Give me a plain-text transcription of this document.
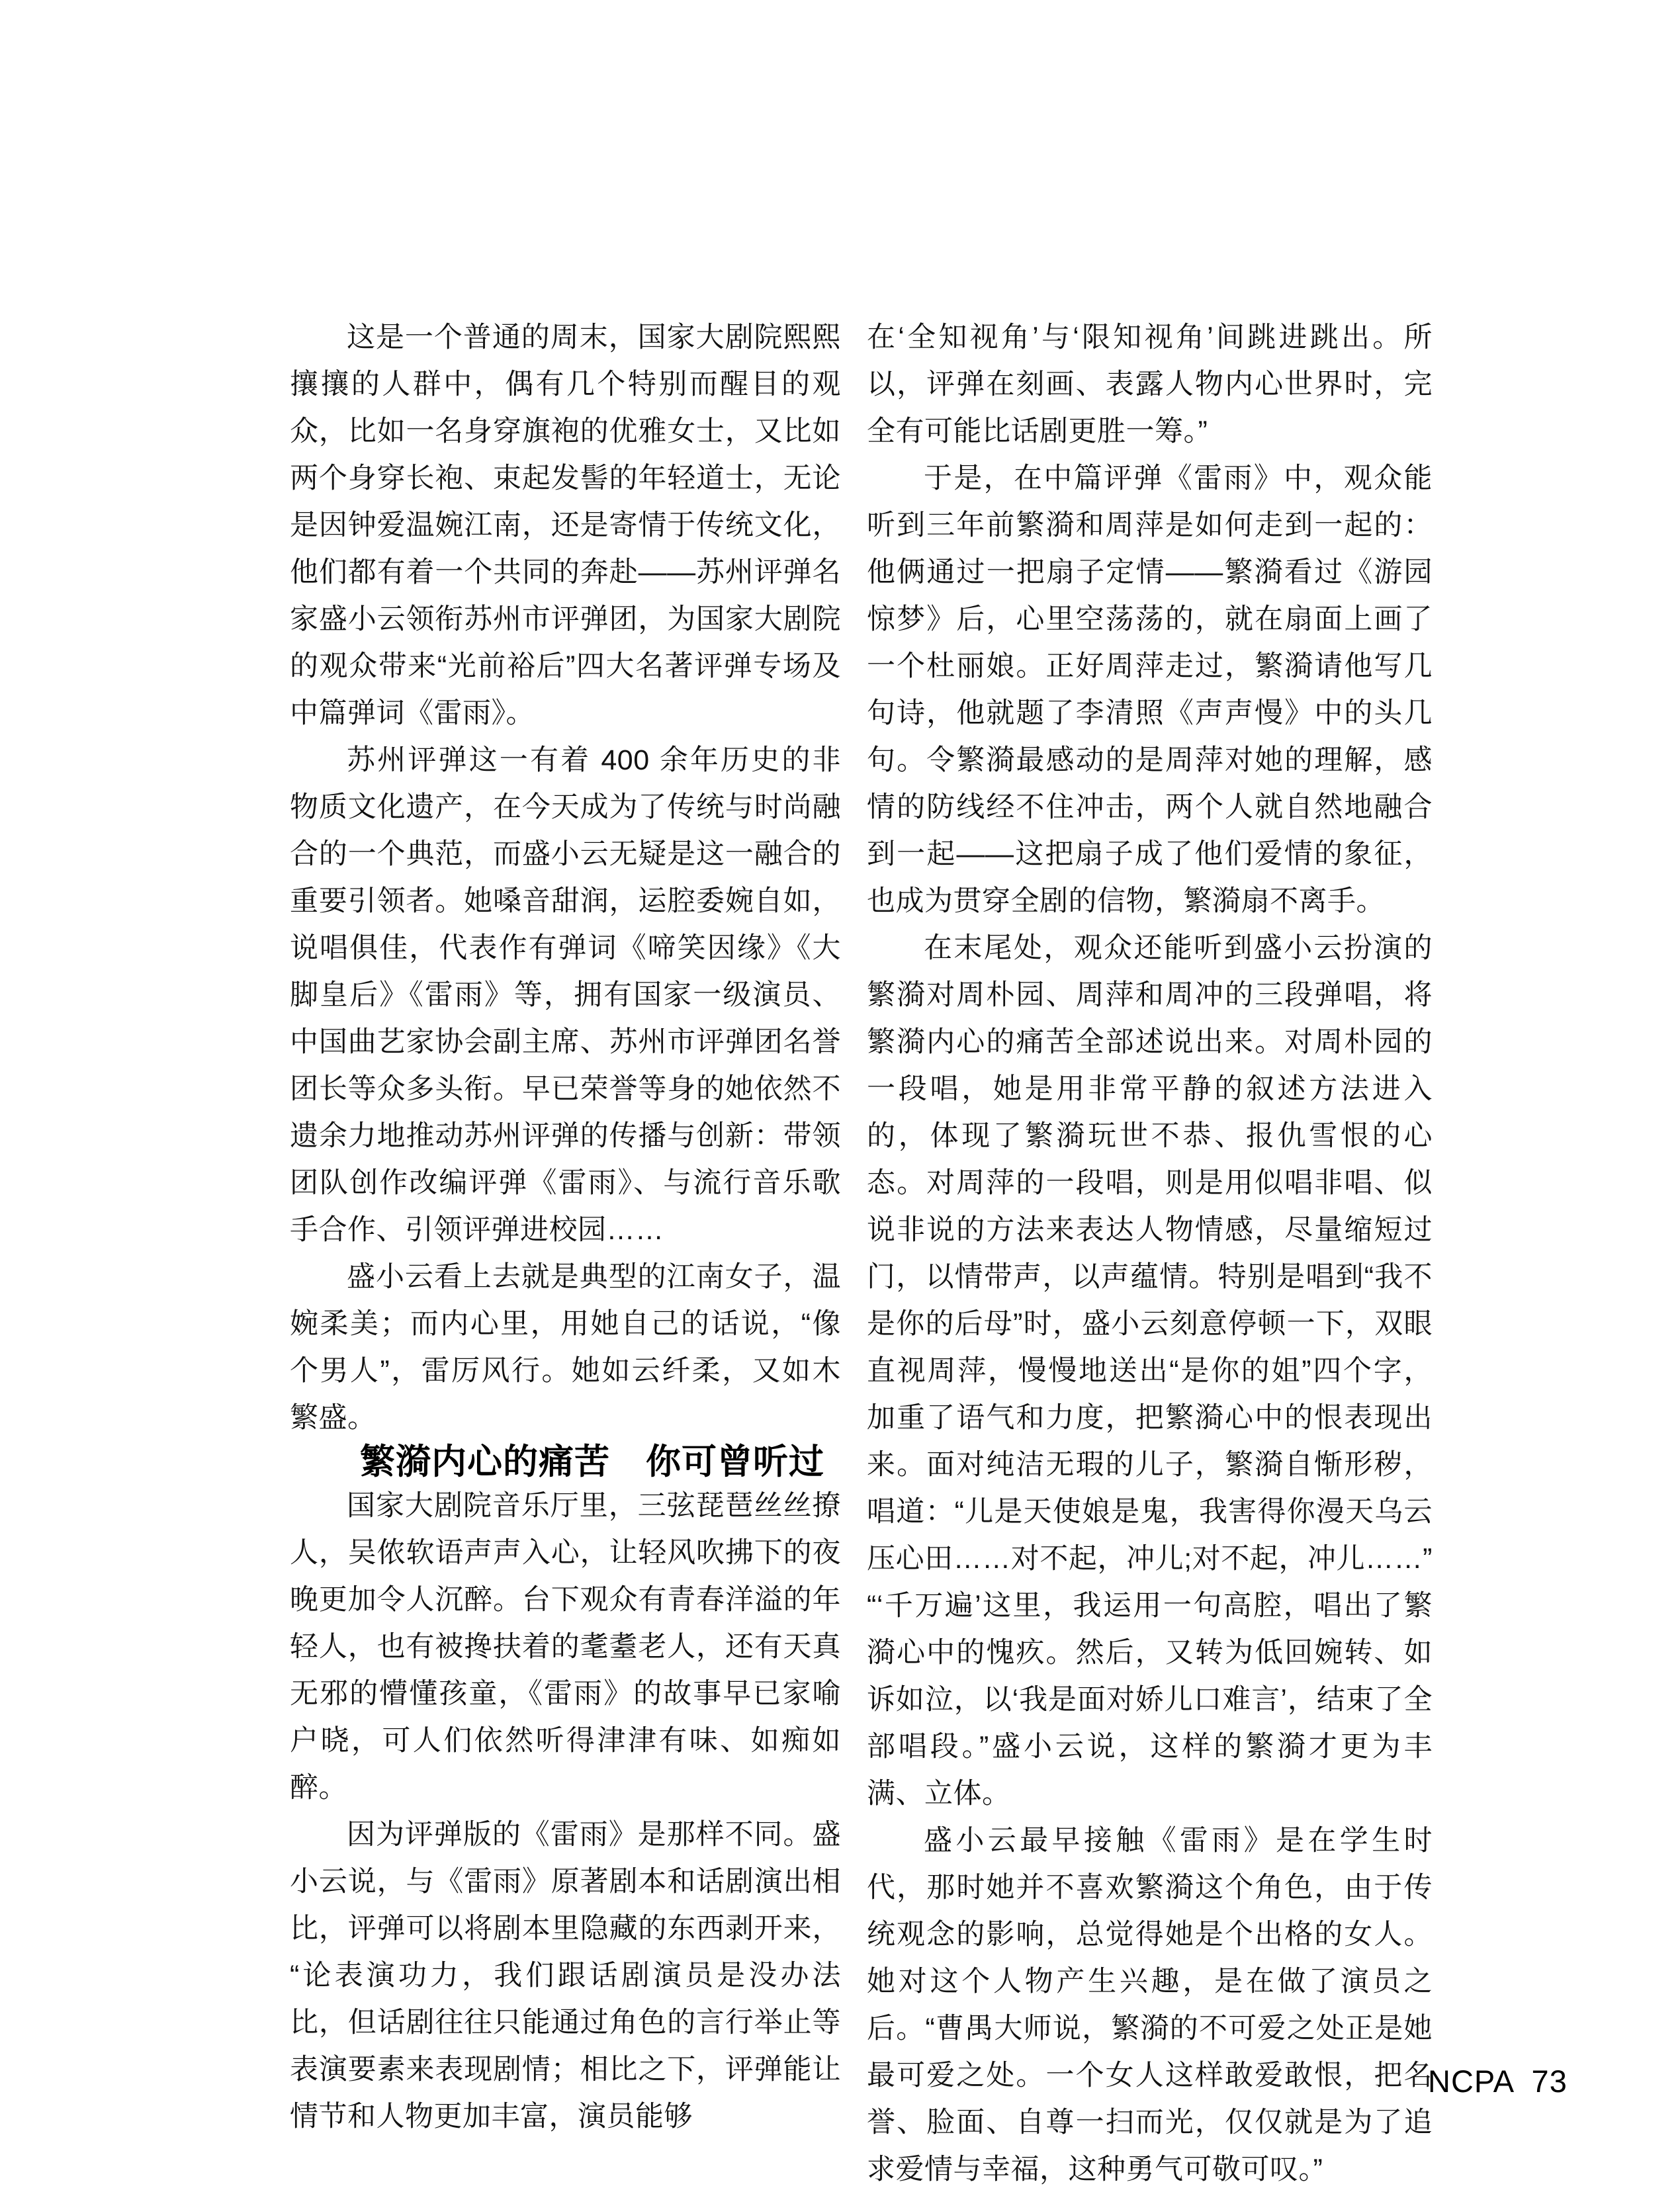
这是一个普通的周末，国家大剧院熙熙攘攘的人群中，偶有几个特别而醒目的观众，比如一名身穿旗袍的优雅女士，又比如两个身穿长袍、束起发髻的年轻道士，无论是因钟爱温婉江南，还是寄情于传统文化，他们都有着一个共同的奔赴——苏州评弹名家盛小云领衔苏州市评弹团，为国家大剧院的观众带来“光前裕后”四大名著评弹专场及中篇弹词《雷雨》。

苏州评弹这一有着 400 余年历史的非物质文化遗产，在今天成为了传统与时尚融合的一个典范，而盛小云无疑是这一融合的重要引领者。她嗓音甜润，运腔委婉自如，说唱俱佳，代表作有弹词《啼笑因缘》《大脚皇后》《雷雨》等，拥有国家一级演员、中国曲艺家协会副主席、苏州市评弹团名誉团长等众多头衔。早已荣誉等身的她依然不遗余力地推动苏州评弹的传播与创新：带领团队创作改编评弹《雷雨》、与流行音乐歌手合作、引领评弹进校园……

盛小云看上去就是典型的江南女子，温婉柔美；而内心里，用她自己的话说，“像个男人”，雷厉风行。她如云纤柔，又如木繁盛。

繁漪内心的痛苦　你可曾听过

国家大剧院音乐厅里，三弦琵琶丝丝撩人，吴侬软语声声入心，让轻风吹拂下的夜晚更加令人沉醉。台下观众有青春洋溢的年轻人，也有被搀扶着的耄耋老人，还有天真无邪的懵懂孩童，《雷雨》的故事早已家喻户晓，可人们依然听得津津有味、如痴如醉。

因为评弹版的《雷雨》是那样不同。盛小云说，与《雷雨》原著剧本和话剧演出相比，评弹可以将剧本里隐藏的东西剥开来，“论表演功力，我们跟话剧演员是没办法比，但话剧往往只能通过角色的言行举止等表演要素来表现剧情；相比之下，评弹能让情节和人物更加丰富，演员能够

在‘全知视角’与‘限知视角’间跳进跳出。所以，评弹在刻画、表露人物内心世界时，完全有可能比话剧更胜一筹。”

于是，在中篇评弹《雷雨》中，观众能听到三年前繁漪和周萍是如何走到一起的：他俩通过一把扇子定情——繁漪看过《游园惊梦》后，心里空荡荡的，就在扇面上画了一个杜丽娘。正好周萍走过，繁漪请他写几句诗，他就题了李清照《声声慢》中的头几句。令繁漪最感动的是周萍对她的理解，感情的防线经不住冲击，两个人就自然地融合到一起——这把扇子成了他们爱情的象征，也成为贯穿全剧的信物，繁漪扇不离手。

在末尾处，观众还能听到盛小云扮演的繁漪对周朴园、周萍和周冲的三段弹唱，将繁漪内心的痛苦全部述说出来。对周朴园的一段唱，她是用非常平静的叙述方法进入的，体现了繁漪玩世不恭、报仇雪恨的心态。对周萍的一段唱，则是用似唱非唱、似说非说的方法来表达人物情感，尽量缩短过门，以情带声，以声蕴情。特别是唱到“我不是你的后母”时，盛小云刻意停顿一下，双眼直视周萍，慢慢地送出“是你的姐”四个字，加重了语气和力度，把繁漪心中的恨表现出来。面对纯洁无瑕的儿子，繁漪自惭形秽，唱道：“儿是天使娘是鬼，我害得你漫天乌云压心田……对不起，冲儿;对不起，冲儿……”“‘千万遍’这里，我运用一句高腔，唱出了繁漪心中的愧疚。然后，又转为低回婉转、如诉如泣，以‘我是面对娇儿口难言’，结束了全部唱段。”盛小云说，这样的繁漪才更为丰满、立体。

盛小云最早接触《雷雨》是在学生时代，那时她并不喜欢繁漪这个角色，由于传统观念的影响，总觉得她是个出格的女人。她对这个人物产生兴趣，是在做了演员之后。“曹禺大师说，繁漪的不可爱之处正是她最可爱之处。一个女人这样敢爱敢恨，把名誉、脸面、自尊一扫而光，仅仅就是为了追求爱情与幸福，这种勇气可敬可叹。”

NCPA 73
